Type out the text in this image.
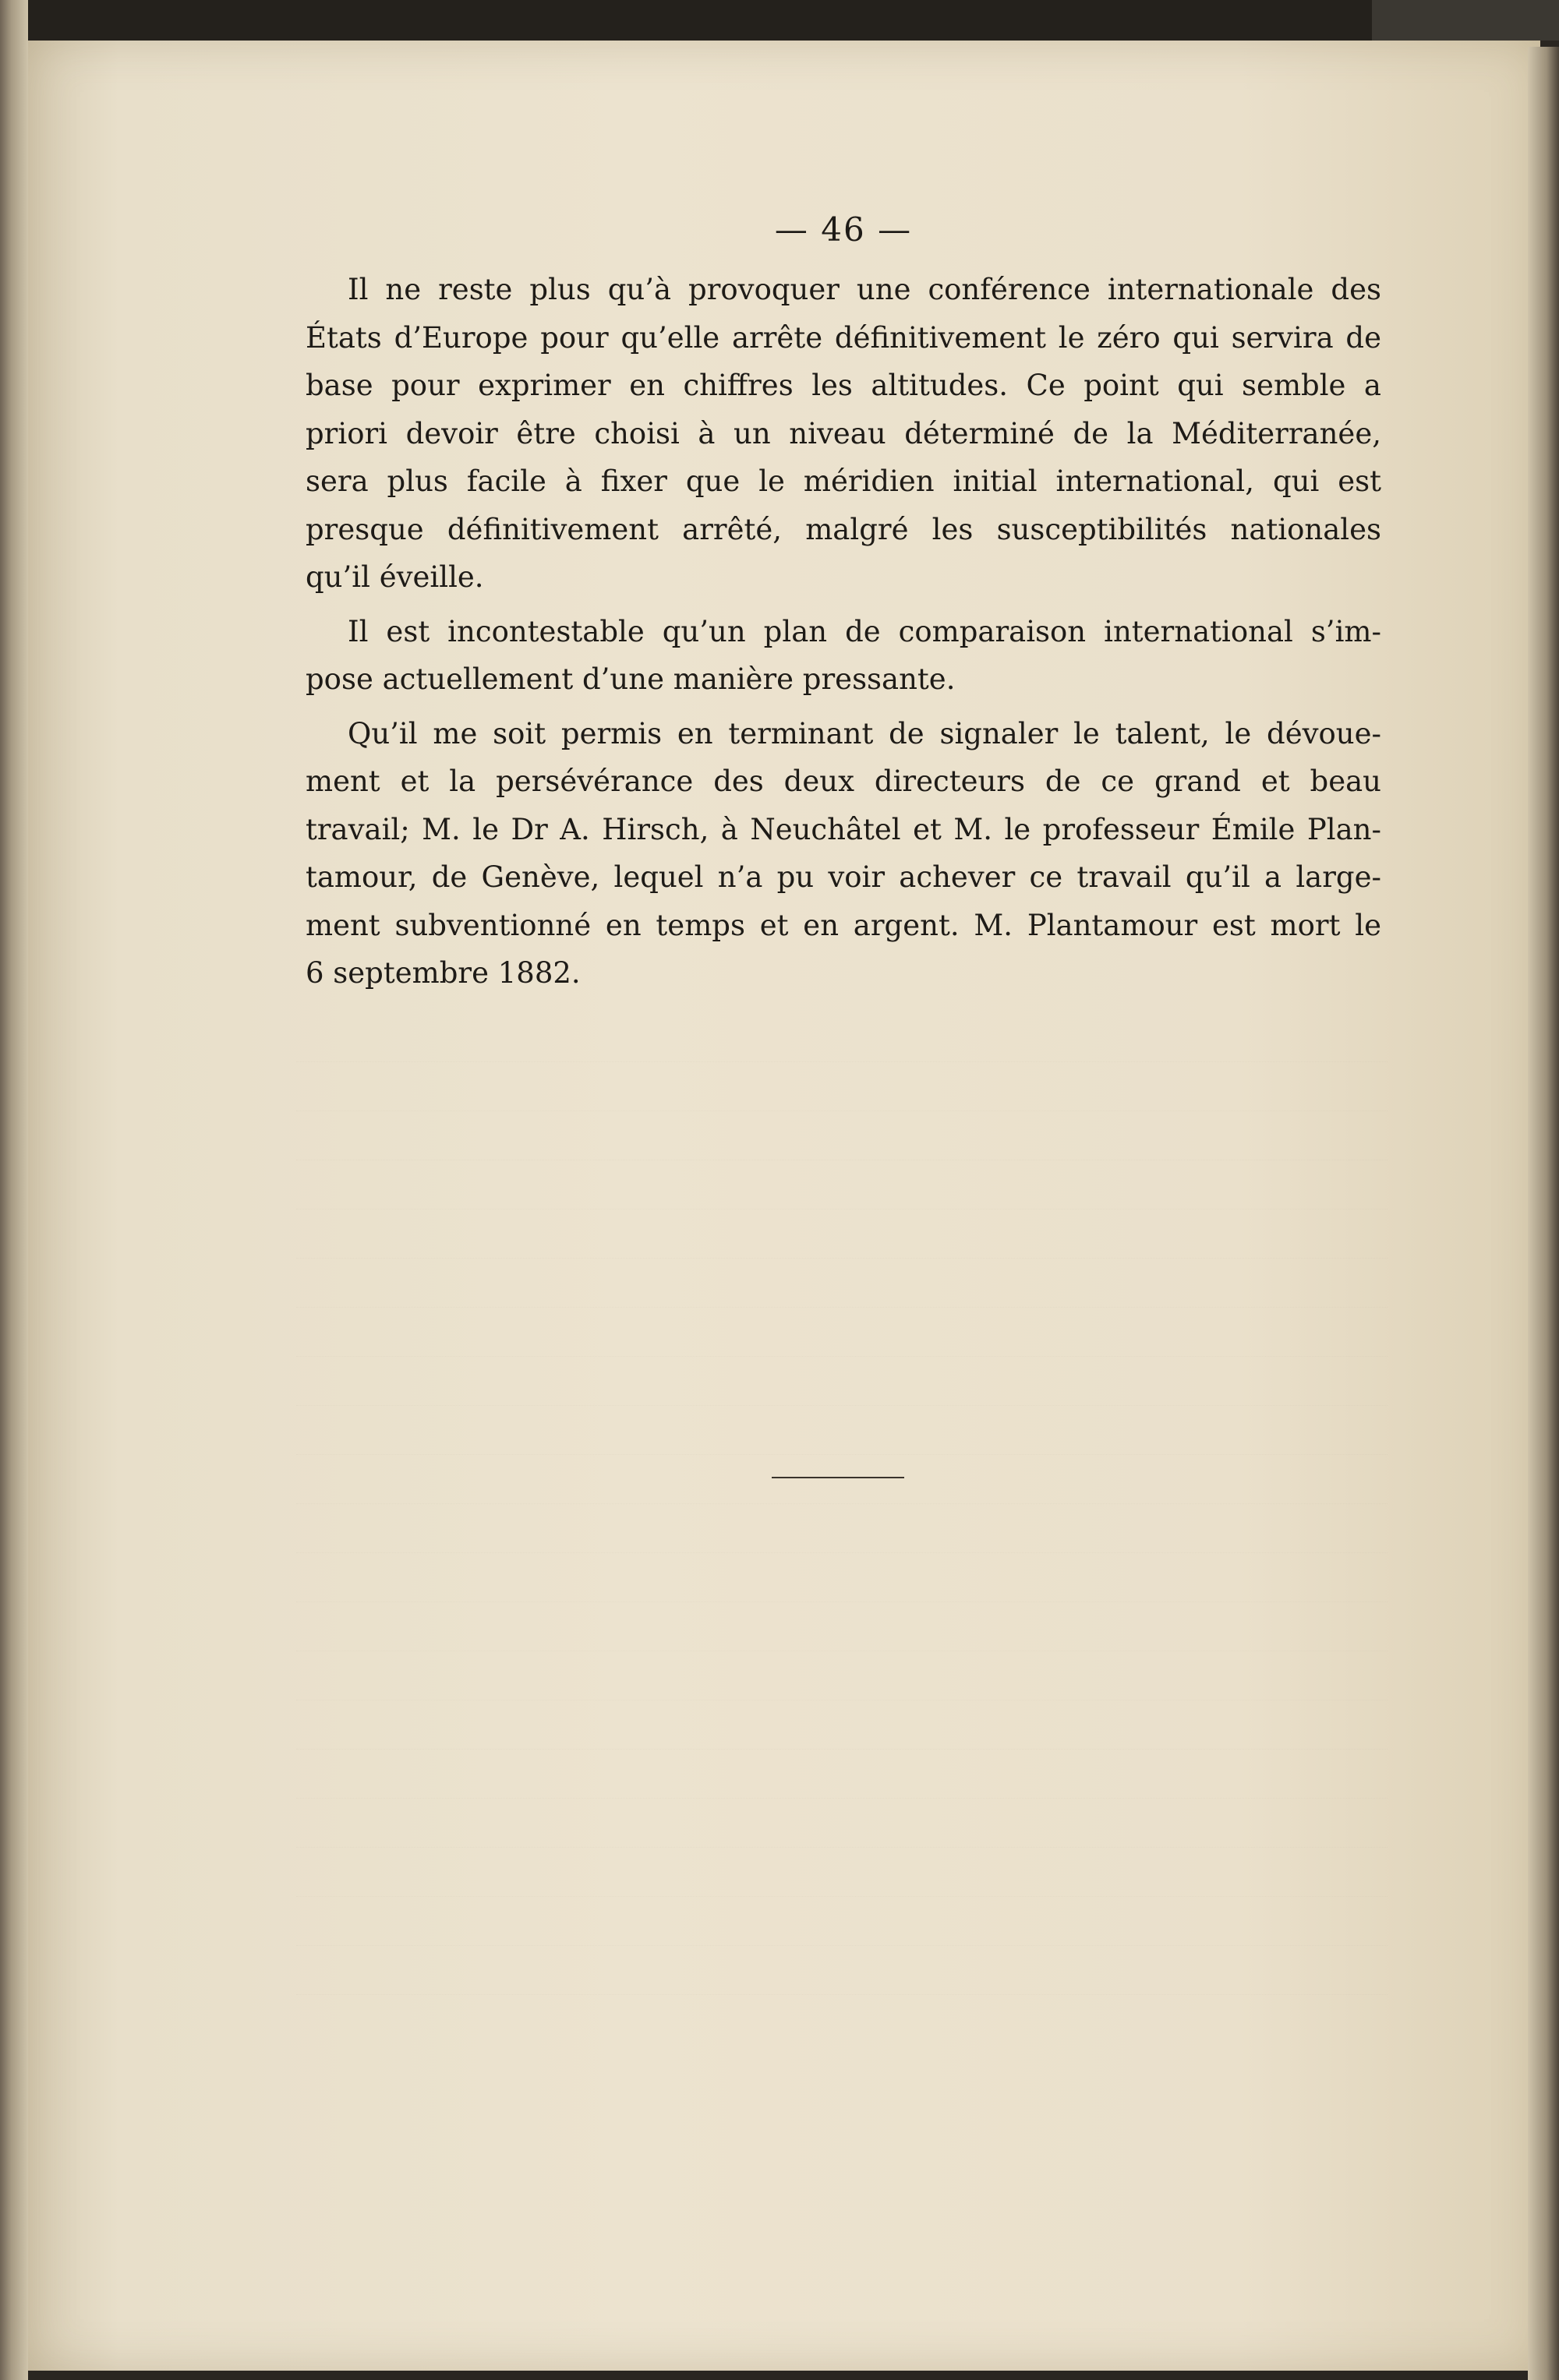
— 46 —
Il ne reste plus qu’à provoquer une conférence internationale des
États d’Europe pour qu’elle arrête définitivement le zéro qui servira de
base pour exprimer en chiffres les altitudes. Ce point qui semble a
priori devoir être choisi à un niveau déterminé de la Méditerranée,
sera plus facile à fixer que le méridien initial international, qui est
presque définitivement arrêté, malgré les susceptibilités nationales
qu’il éveille.
Il est incontestable qu’un plan de comparaison international s’im-
pose actuellement d’une manière pressante.
Qu’il me soit permis en terminant de signaler le talent, le dévoue-
ment et la persévérance des deux directeurs de ce grand et beau
travail; M. le Dr A. Hirsch, à Neuchâtel et M. le professeur Émile Plan-
tamour, de Genève, lequel n’a pu voir achever ce travail qu’il a large-
ment subventionné en temps et en argent. M. Plantamour est mort le
6 septembre 1882.
